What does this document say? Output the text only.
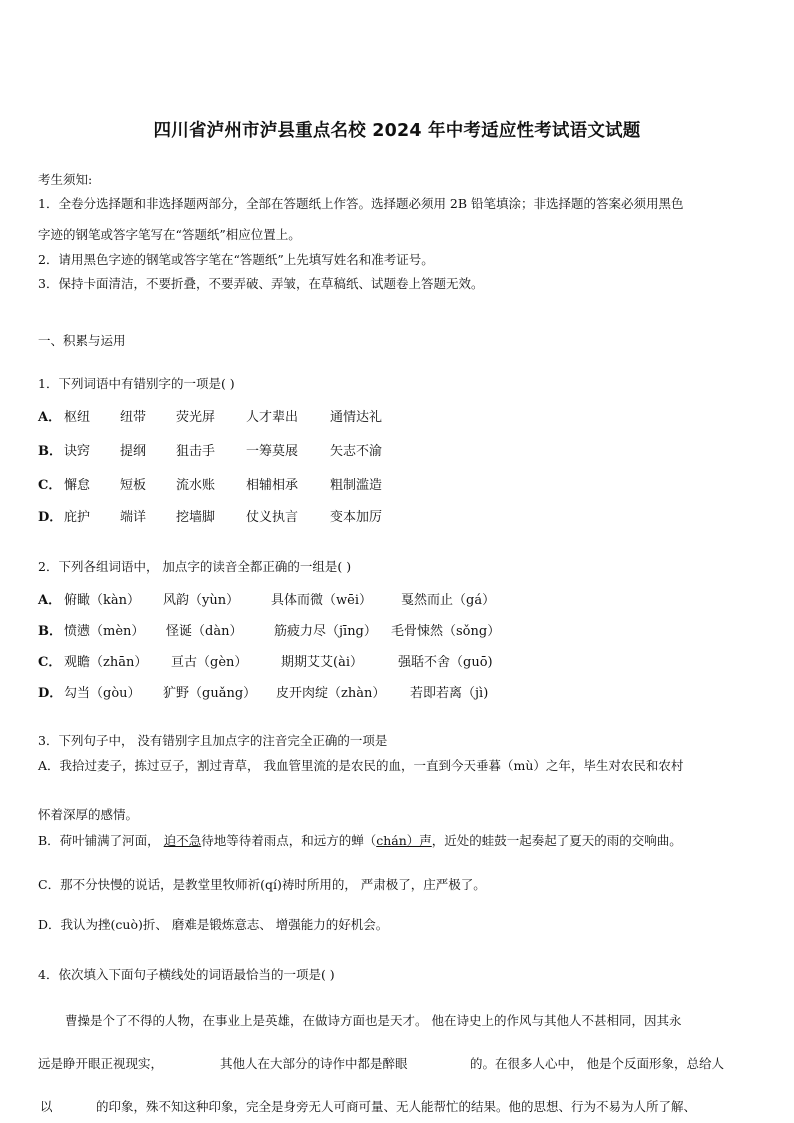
四川省泸州市泸县重点名校 2024 年中考适应性考试语文试题
考生须知:
1．全卷分选择题和非选择题两部分，全部在答题纸上作答。选择题必须用 2B 铅笔填涂；非选择题的答案必须用黑色
字迹的钢笔或答字笔写在“答题纸”相应位置上。
2．请用黑色字迹的钢笔或答字笔在“答题纸”上先填写姓名和准考证号。
3．保持卡面清洁，不要折叠，不要弄破、弄皱，在草稿纸、试题卷上答题无效。
一、积累与运用
1．下列词语中有错别字的一项是( )
A． 枢纽 纽带 荧光屏 人才辈出 通情达礼
B． 诀窍 提纲 狙击手 一筹莫展 矢志不渝
C． 懈怠 短板 流水账 相辅相承 粗制滥造
D． 庇护 端详 挖墙脚 仗义执言 变本加厉
2．下列各组词语中， 加点字的读音全都正确的一组是( )
A． 俯瞰（kàn） 风韵（yùn） 具体而微（wēi） 戛然而止（gá）
B． 愤懑（mèn） 怪诞（dàn） 筋疲力尽（jīng） 毛骨悚然（sǒng）
C． 观瞻（zhān） 亘古（gèn）	期期艾艾(ài）	强聒不舍（guō)
D． 勾当（gòu） 犷野（guǎng） 皮开肉绽（zhàn） 若即若离（jì)
3．下列句子中， 没有错别字且加点字的注音完全正确的一项是
A．我拾过麦子，拣过豆子，割过青草， 我血管里流的是农民的血，一直到今天垂暮（mù）之年，毕生对农民和农村
怀着深厚的感情。
B．荷叶铺满了河面， 迫不急待地等待着雨点，和远方的蝉（chán）声，近处的蛙鼓一起奏起了夏天的雨的交响曲。
C．那不分快慢的说话，是教堂里牧师祈(qí)祷时所用的， 严肃极了，庄严极了。
D．我认为挫(cuò)折、 磨难是锻炼意志、 增强能力的好机会。
4．依次填入下面句子横线处的词语最恰当的一项是( )
曹操是个了不得的人物，在事业上是英雄，在做诗方面也是天才。 他在诗史上的作风与其他人不甚相同，因其永
远是睁开眼正视现实，	其他人在大部分的诗作中都是醉眼	的。在很多人心中， 他是个反面形象，总给人
以	的印象，殊不知这种印象，完全是身旁无人可商可量、无人能帮忙的结果。他的思想、行为不易为人所了解、
